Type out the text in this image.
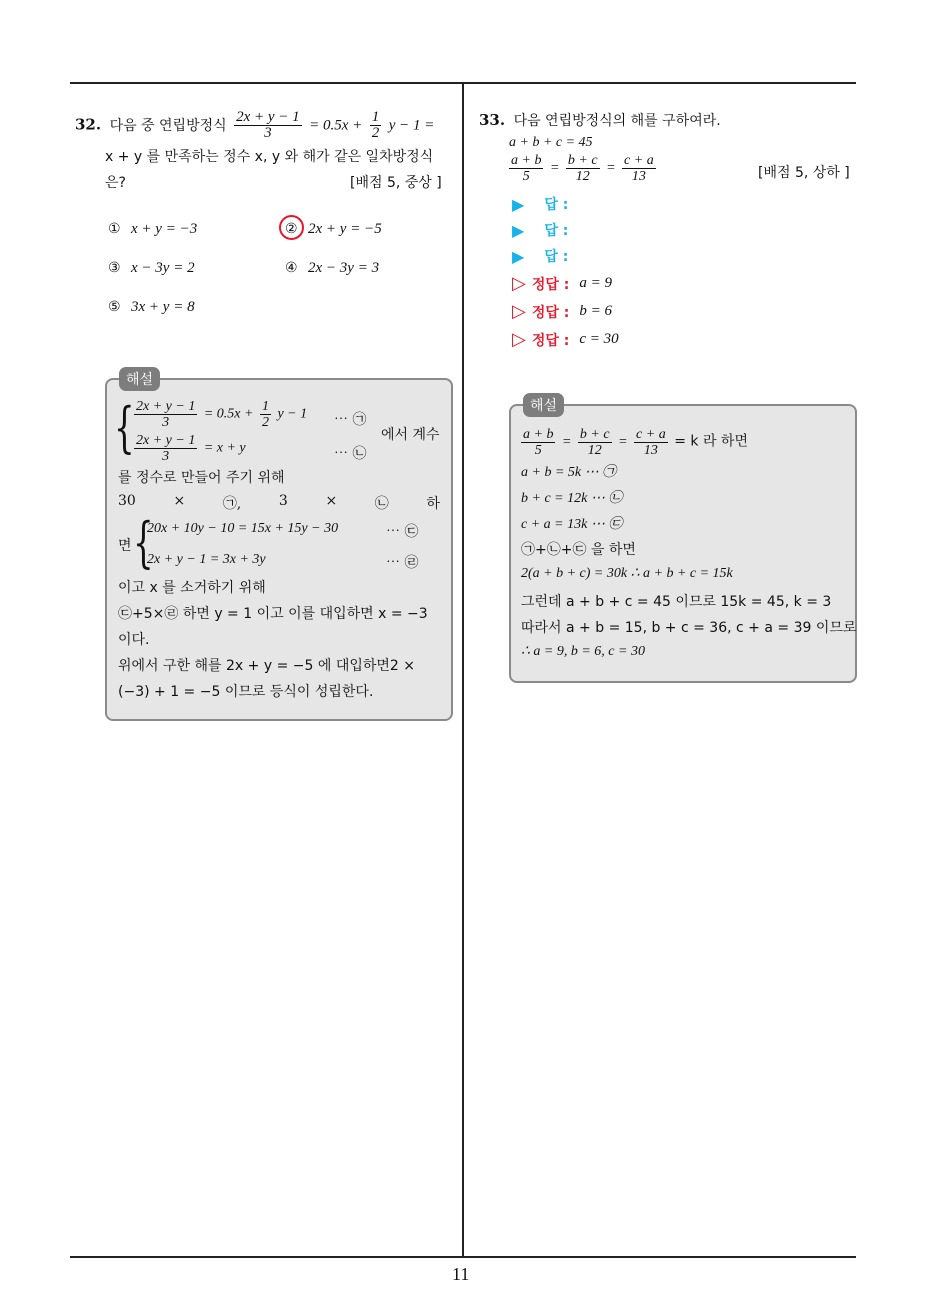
11
32. 다음 중 연립방정식 $\frac{2x + y - 1}{3} = 0.5x + \frac{1}{2}$ y − 1 =
x + y 를 만족하는 정수 x, y 와 해가 같은 일차방정식
은?	[배점 5, 중상 ]
① x + y = −3	② 2x + y = −5
③ x − 3y = 2	④ 2x − 3y = 3
⑤ 3x + y = 8
해설
{ $\frac{2x + y - 1}{3} = 0.5x + \frac{1}{2}$ y − 1 ⋯ ㉠
$\frac{2x + y - 1}{3} = x + y$	⋯ ㉡
에서 계수
를 정수로 만들어 주기 위해
30	×	㉠,	3	×	㉡	하
면 {
20x + 10y − 10 = 15x + 15y − 30	⋯ ㉢
2x + y − 1 = 3x + 3y	⋯ ㉣
이고 x 를 소거하기 위해
㉢+5×㉣ 하면 y = 1 이고 이를 대입하면 x = −3
이다.
위에서 구한 해를 2x + y = −5 에 대입하면2 ×
(−3) + 1 = −5 이므로 등식이 성립한다.
33. 다음 연립방정식의 해를 구하여라.
a + b + c = 45
$\frac{a + b}{5} = \frac{b + c}{12} = \frac{c + a}{13}$	[배점 5, 상하 ]
▶ 답 :
▶ 답 :
▶ 답 :
▷ 정답 : a = 9
▷ 정답 : b = 6
▷ 정답 : c = 30
해설
$\frac{a + b}{5} = \frac{b + c}{12} = \frac{c + a}{13} = k$ 라 하면
a + b = 5k ⋯ ㉠
b + c = 12k ⋯ ㉡
c + a = 13k ⋯ ㉢
㉠+㉡+㉢ 을 하면
2(a + b + c) = 30k ∴ a + b + c = 15k
그런데 a + b + c = 45 이므로 15k = 45, k = 3
따라서 a + b = 15, b + c = 36, c + a = 39 이므로
∴ a = 9, b = 6, c = 30
